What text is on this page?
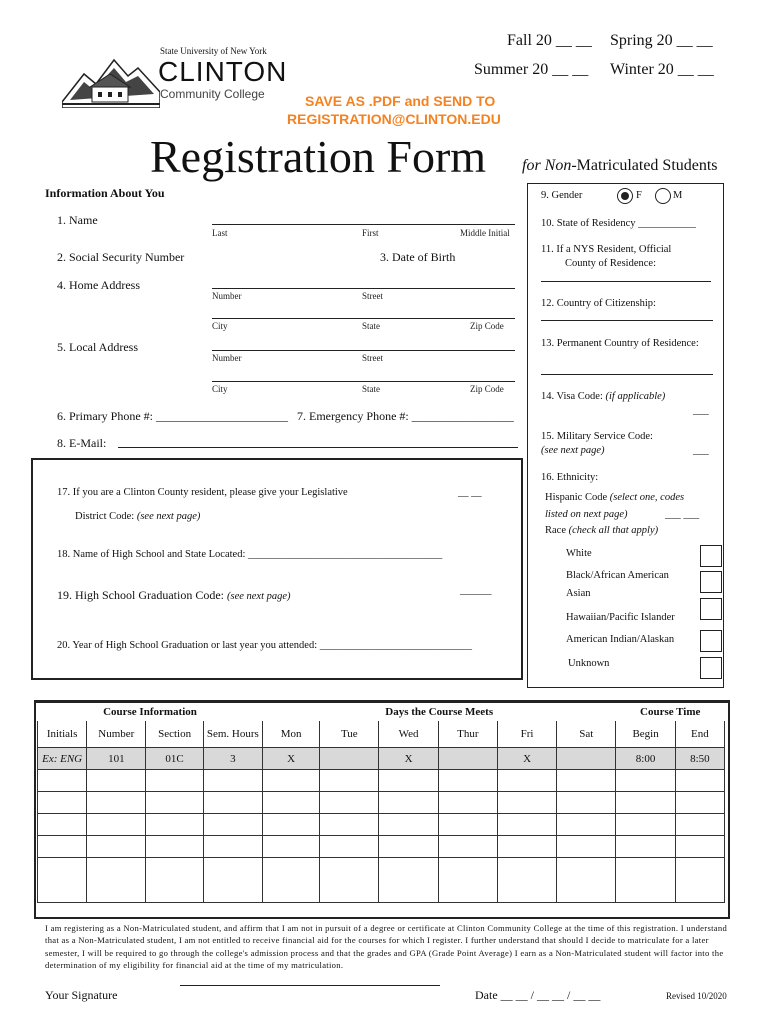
Fall 20 __ __ Spring 20 __ __
Summer 20 __ __ Winter 20 __ __
State University of New York
CLINTON
Community College	SAVE AS .PDF and SEND TO
REGISTRATION@CLINTON.EDU
Registration Form for Non-Matriculated Students
Information About You
1. Name
Last	First	Middle Initial
2. Social Security Number	3. Date of Birth
4. Home Address
Number	Street
City	State	Zip Code
5. Local Address
Number	Street
City	State	Zip Code
6. Primary Phone #: ______________________ 7. Emergency Phone #: _________________
8. E-Mail:
17. If you are a Clinton County resident, please give your Legislative	__ __
District Code: (see next page)
18. Name of High School and State Located: _____________________________________
19. High School Graduation Code: (see next page)
______
20. Year of High School Graduation or last year you attended: _____________________________
9. Gender	F	M
10. State of Residency ___________
11. If a NYS Resident, Official
County of Residence:
12. Country of Citizenship:
13. Permanent Country of Residence:
14. Visa Code: (if applicable)
___
15. Military Service Code:
(see next page)	___
16. Ethnicity:
Hispanic Code (select one, codes
listed on next page)	___ ___
Race (check all that apply)
White
Black/African American
Asian
Hawaiian/Pacific Islander
American Indian/Alaskan
Unknown
Course Information				Days the Course Meets						Course Time	
Initials	Number	Section	Sem. Hours	Mon	Tue	Wed	Thur	Fri	Sat	Begin	End
Ex: ENG	101	01C	3	X		X		X		8:00	8:50

I am registering as a Non-Matriculated student, and affirm that I am not in pursuit of a degree or certificate at Clinton Community College at the time of this registration. I understand that as a Non-Matriculated student, I am not entitled to receive financial aid for the courses for which I register. I further understand that should I decide to matriculate for a later semester, I will be required to go through the college's admission process and that the grades and GPA (Grade Point Average) I earn as a Non-Matriculated student will factor into the determination of my eligibility for financial aid at the time of my matriculation.
Your Signature	Date __ __ / __ __ / __ __	Revised 10/2020
